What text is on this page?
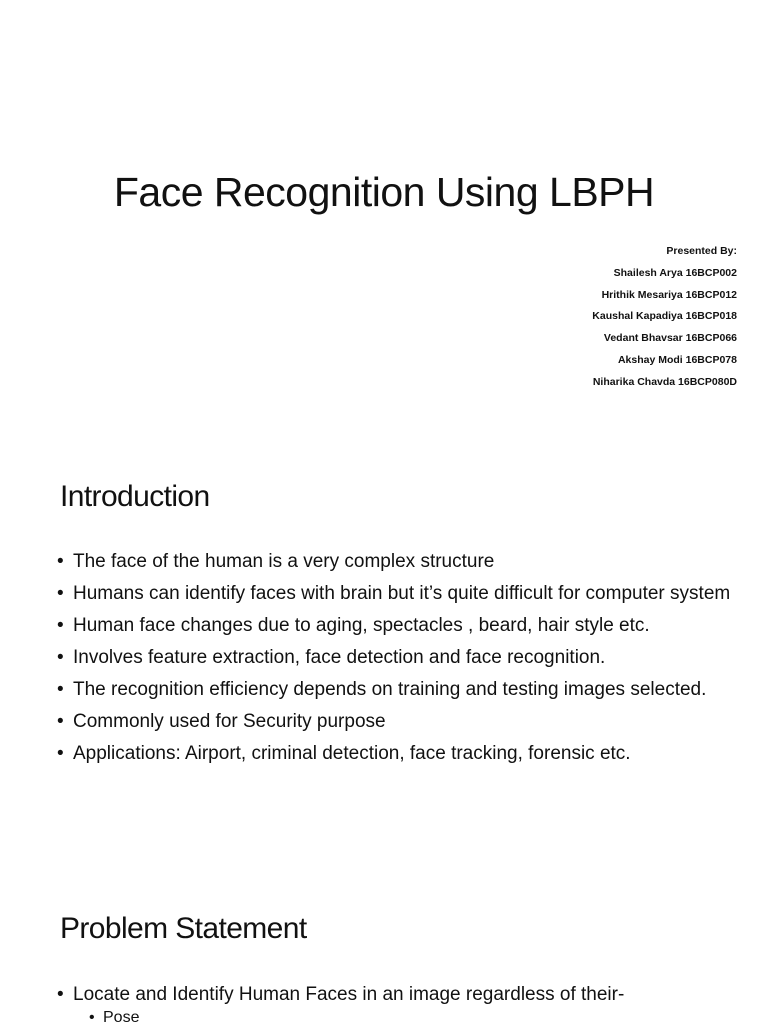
Face Recognition Using LBPH
Presented By:
Shailesh Arya 16BCP002
Hrithik Mesariya 16BCP012
Kaushal Kapadiya 16BCP018
Vedant Bhavsar 16BCP066
Akshay Modi 16BCP078
Niharika Chavda 16BCP080D
Introduction
• The face of the human is a very complex structure
• Humans can identify faces with brain but it’s quite difficult for computer system
• Human face changes due to aging, spectacles , beard, hair style etc.
• Involves feature extraction, face detection and face recognition.
• The recognition efficiency depends on training and testing images selected.
• Commonly used for Security purpose
• Applications: Airport, criminal detection, face tracking, forensic etc.
Problem Statement
• Locate and Identify Human Faces in an image regardless of their-
• Pose
